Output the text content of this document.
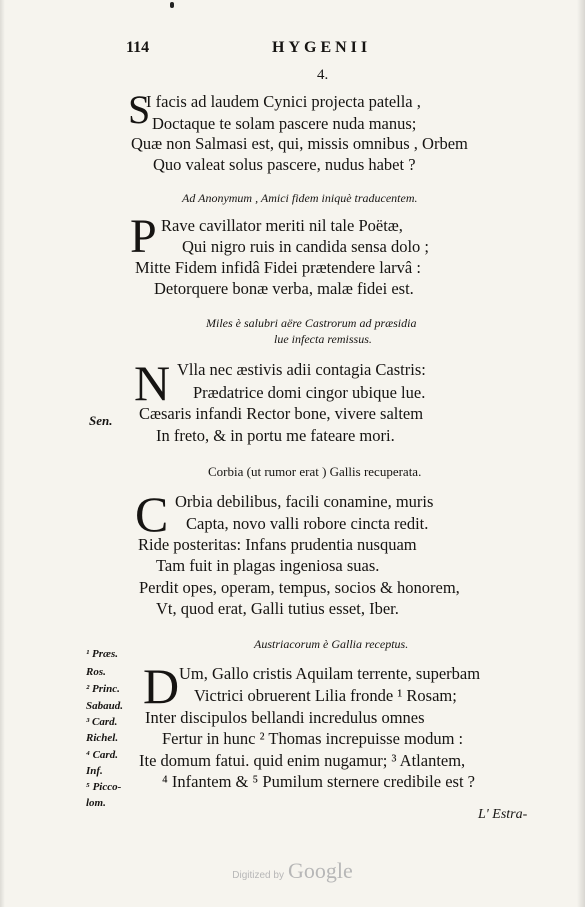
114	HYGENII
4.
S
I facis ad laudem Cynici projecta patella ,
Doctaque te solam pascere nuda manus;
Quæ non Salmasi est, qui, missis omnibus , Orbem
Quo valeat solus pascere, nudus habet ?
Ad Anonymum , Amici fidem iniquè traducentem.
P Rave cavillator meriti nil tale Poëtæ,
Qui nigro ruis in candida sensa dolo ;
Mitte Fidem infidâ Fidei prætendere larvâ :
Detorquere bonæ verba, malæ fidei est.
Miles è salubri aëre Castrorum ad præsidia
lue infecta remissus.
N Vlla nec æstivis adii contagia Castris:
Prædatrice domi cingor ubique lue.
Sen. Cæsaris infandi Rector bone, vivere saltem
In freto, & in portu me fateare mori.
Corbia (ut rumor erat ) Gallis recuperata.
C Orbia debilibus, facili conamine, muris
Capta, novo valli robore cincta redit.
Ride posteritas: Infans prudentia nusquam
Tam fuit in plagas ingeniosa suas.
Perdit opes, operam, tempus, socios & honorem,
Vt, quod erat, Galli tutius esset, Iber.
Austriacorum è Gallia receptus.
¹ Præs.
Ros.
² Princ.
Sabaud.
³ Card.
Richel.
⁴ Card.
Inf.
⁵ Picco-
lom.
D Um, Gallo cristis Aquilam terrente, superbam
Victrici obruerent Lilia fronde ¹ Rosam;
Inter discipulos bellandi incredulus omnes
Fertur in hunc ² Thomas increpuisse modum :
Ite domum fatui. quid enim nugamur; ³ Atlantem,
⁴ Infantem & ⁵ Pumilum sternere credibile est ?
L' Estra-
Digitized by Google
